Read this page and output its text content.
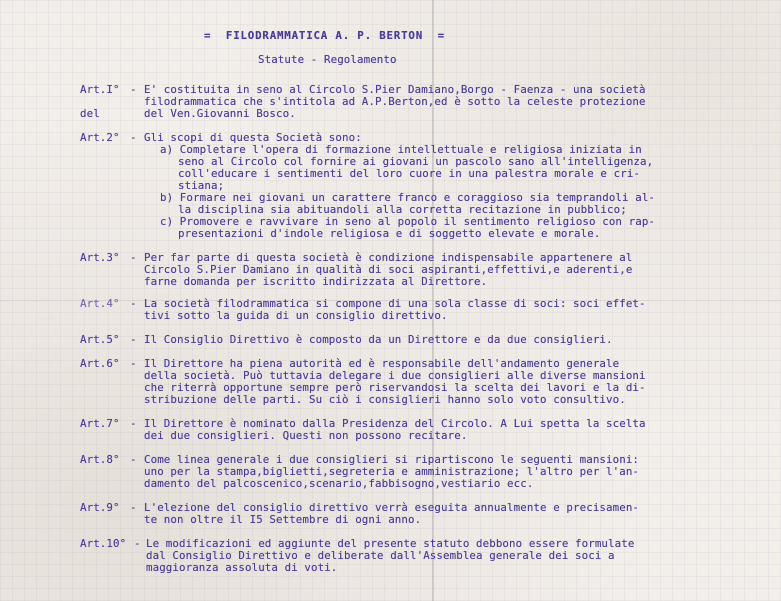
=  FILODRAMMATICA A. P. BERTON  =
Statute - Regolamento
Art.I° - E' costituita in seno al Circolo S.Pier Damiano,Borgo - Faenza - una società
filodrammatica che s'intitola ad A.P.Berton,ed è sotto la celeste protezione
del	del Ven.Giovanni Bosco.
Art.2° - Gli scopi di questa Società sono:
a) Completare l'opera di formazione intellettuale e religiosa iniziata in
seno al Circolo col fornire ai giovani un pascolo sano all'intelligenza,
coll'educare i sentimenti del loro cuore in una palestra morale e cri-
stiana;
b) Formare nei giovani un carattere franco e coraggioso sia temprandoli al-
la disciplina sia abituandoli alla corretta recitazione in pubblico;
c) Promovere e ravvivare in seno al popolo il sentimento religioso con rap-
presentazioni d'indole religiosa e di soggetto elevate e morale.
Art.3° - Per far parte di questa società è condizione indispensabile appartenere al
Circolo S.Pier Damiano in qualità di soci aspiranti,effettivi,e aderenti,e
farne domanda per iscritto indirizzata al Direttore.
Art.4° - La società filodrammatica si compone di una sola classe di soci: soci effet-
tivi sotto la guida di un consiglio direttivo.
Art.5° - Il Consiglio Direttivo è composto da un Direttore e da due consiglieri.
Art.6° - Il Direttore ha piena autorità ed è responsabile dell'andamento generale
della società. Può tuttavia delegare i due consiglieri alle diverse mansioni
che riterrà opportune sempre però riservandosi la scelta dei lavori e la di-
stribuzione delle parti. Su ciò i consiglieri hanno solo voto consultivo.
Art.7° - Il Direttore è nominato dalla Presidenza del Circolo. A Lui spetta la scelta
dei due consiglieri. Questi non possono recitare.
Art.8° - Come linea generale i due consiglieri si ripartiscono le seguenti mansioni:
uno per la stampa,biglietti,segreteria e amministrazione; l'altro per l'an-
damento del palcoscenico,scenario,fabbisogno,vestiario ecc.
Art.9° - L'elezione del consiglio direttivo verrà eseguita annualmente e precisamen-
te non oltre il I5 Settembre di ogni anno.
Art.10° - Le modificazioni ed aggiunte del presente statuto debbono essere formulate
dal Consiglio Direttivo e deliberate dall'Assemblea generale dei soci a
maggioranza assoluta di voti.
